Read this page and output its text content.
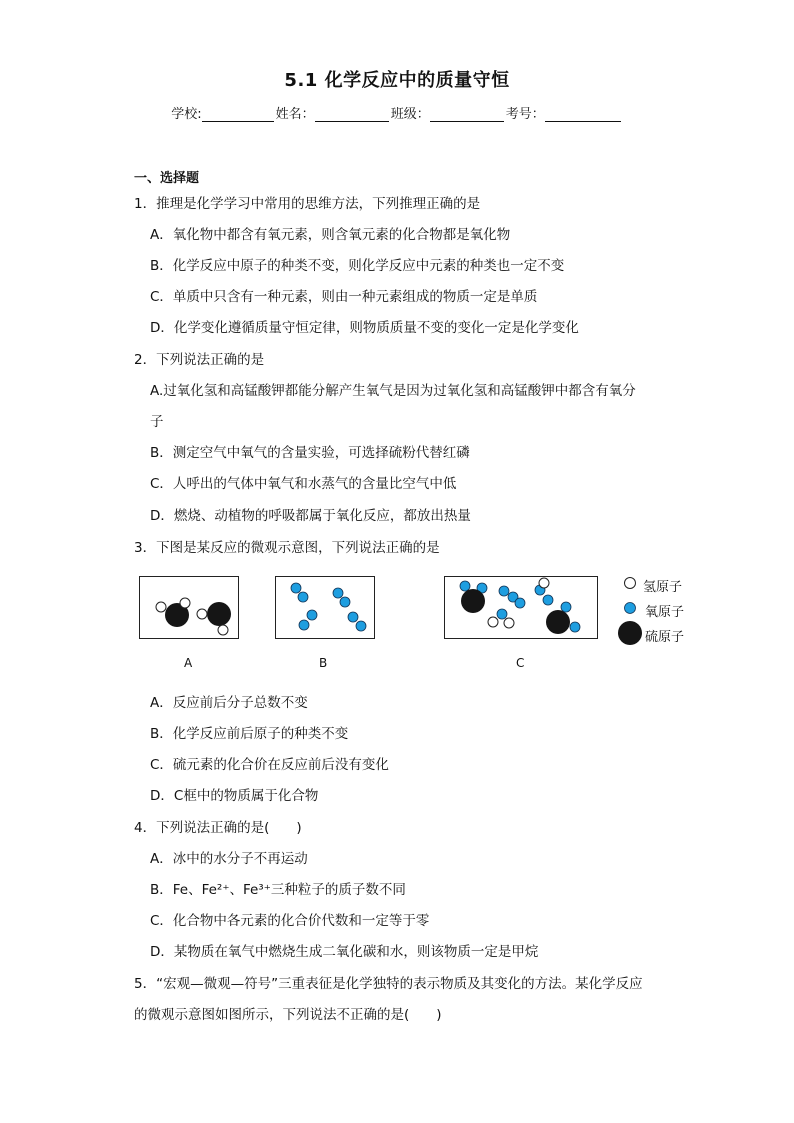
5.1 化学反应中的质量守恒
学校:	姓名：	班级：	考号：
一、选择题
1．推理是化学学习中常用的思维方法，下列推理正确的是
A．氧化物中都含有氧元素，则含氧元素的化合物都是氧化物
B．化学反应中原子的种类不变，则化学反应中元素的种类也一定不变
C．单质中只含有一种元素，则由一种元素组成的物质一定是单质
D．化学变化遵循质量守恒定律，则物质质量不变的变化一定是化学变化
2．下列说法正确的是
A.过氧化氢和高锰酸钾都能分解产生氧气是因为过氧化氢和高锰酸钾中都含有氧分
子
B．测定空气中氧气的含量实验，可选择硫粉代替红磷
C．人呼出的气体中氧气和水蒸气的含量比空气中低
D．燃烧、动植物的呼吸都属于氧化反应，都放出热量
3．下图是某反应的微观示意图，下列说法正确的是
A	B	C
氢原子
氧原子
硫原子
A．反应前后分子总数不变
B．化学反应前后原子的种类不变
C．硫元素的化合价在反应前后没有变化
D．C框中的物质属于化合物
4．下列说法正确的是(　　)
A．冰中的水分子不再运动
B．Fe、Fe²⁺、Fe³⁺三种粒子的质子数不同
C．化合物中各元素的化合价代数和一定等于零
D．某物质在氧气中燃烧生成二氧化碳和水，则该物质一定是甲烷
5．“宏观—微观—符号”三重表征是化学独特的表示物质及其变化的方法。某化学反应
的微观示意图如图所示，下列说法不正确的是(　　)
